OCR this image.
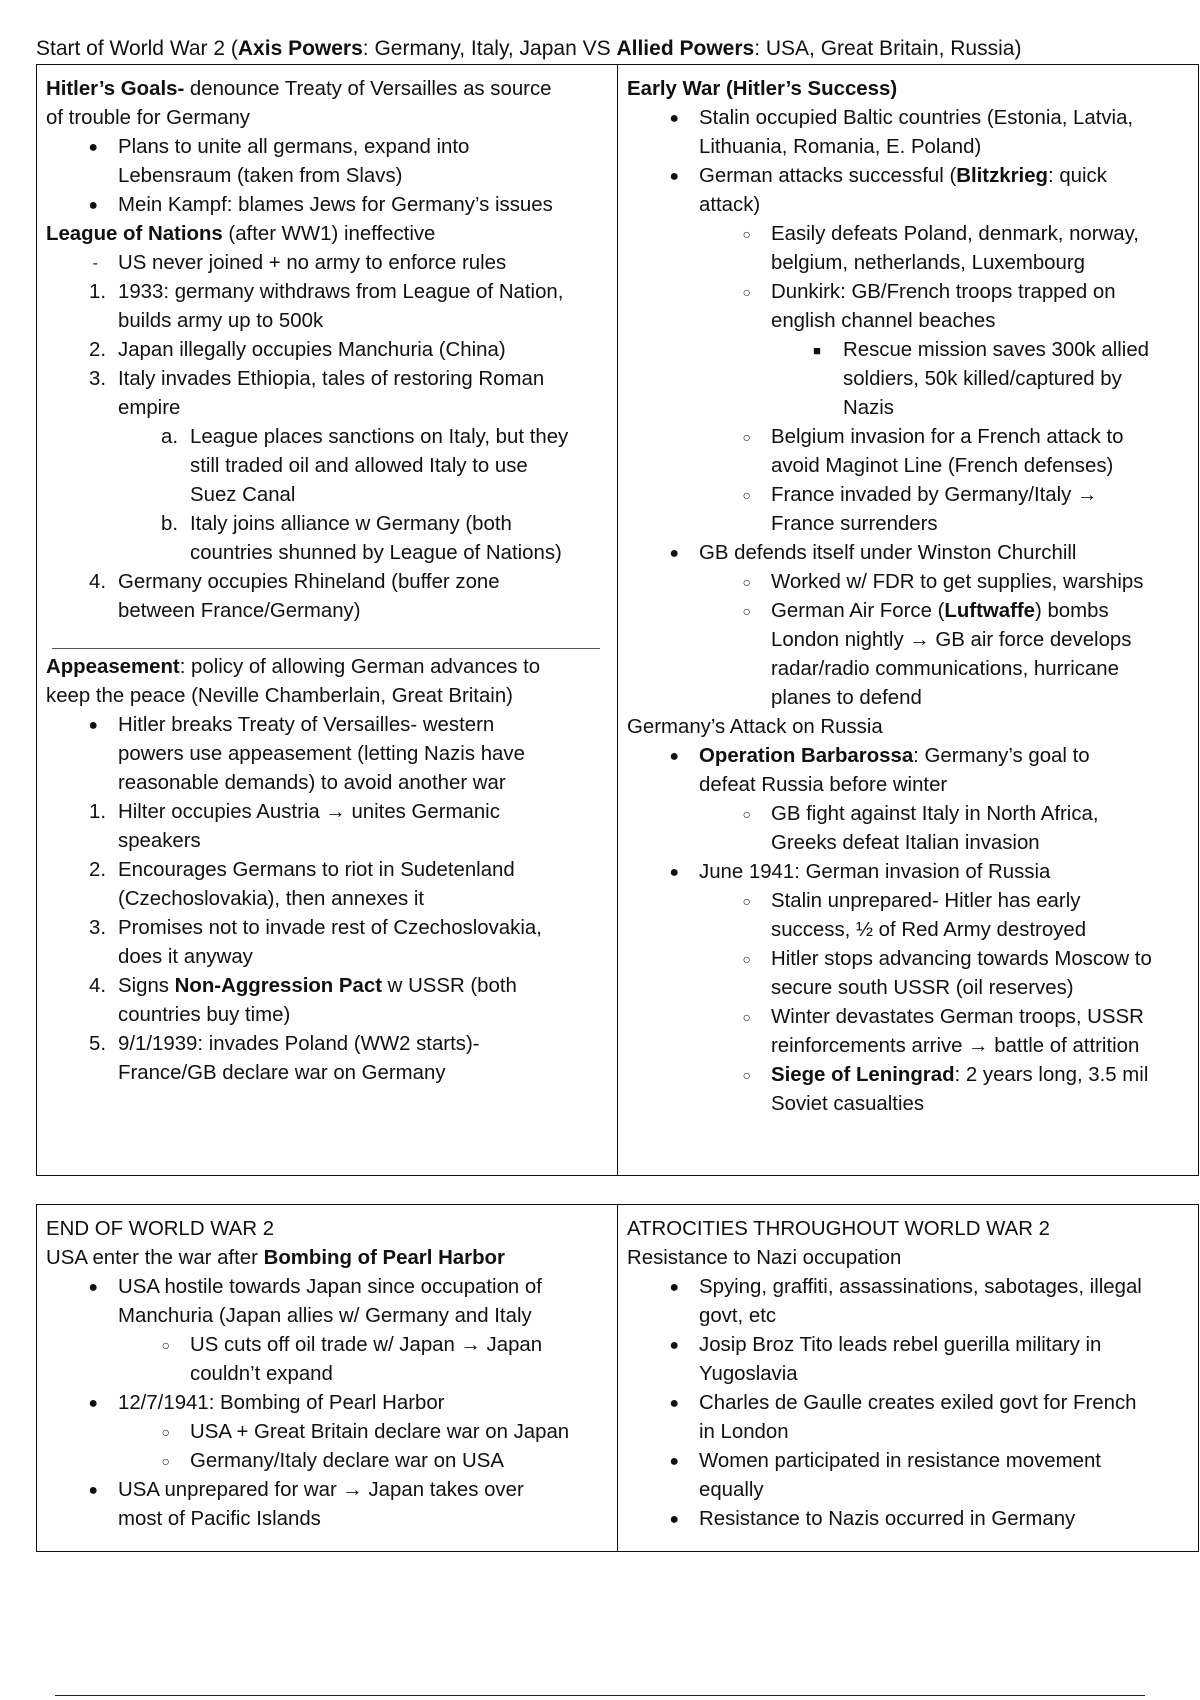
Start of World War 2 (Axis Powers: Germany, Italy, Japan VS Allied Powers: USA, Great Britain, Russia)
Hitler’s Goals- denounce Treaty of Versailles as source
of trouble for Germany
● Plans to unite all germans, expand into
Lebensraum (taken from Slavs)
● Mein Kampf: blames Jews for Germany’s issues
League of Nations (after WW1) ineffective
- US never joined + no army to enforce rules
1. 1933: germany withdraws from League of Nation,
builds army up to 500k
2. Japan illegally occupies Manchuria (China)
3. Italy invades Ethiopia, tales of restoring Roman
empire
a. League places sanctions on Italy, but they
still traded oil and allowed Italy to use
Suez Canal
b. Italy joins alliance w Germany (both
countries shunned by League of Nations)
4. Germany occupies Rhineland (buffer zone
between France/Germany)
Appeasement: policy of allowing German advances to
keep the peace (Neville Chamberlain, Great Britain)
● Hitler breaks Treaty of Versailles- western
powers use appeasement (letting Nazis have
reasonable demands) to avoid another war
1. Hilter occupies Austria → unites Germanic
speakers
2. Encourages Germans to riot in Sudetenland
(Czechoslovakia), then annexes it
3. Promises not to invade rest of Czechoslovakia,
does it anyway
4. Signs Non-Aggression Pact w USSR (both
countries buy time)
5. 9/1/1939: invades Poland (WW2 starts)-
France/GB declare war on Germany

Early War (Hitler’s Success)
● Stalin occupied Baltic countries (Estonia, Latvia,
Lithuania, Romania, E. Poland)
● German attacks successful (Blitzkrieg: quick
attack)
○ Easily defeats Poland, denmark, norway,
belgium, netherlands, Luxembourg
○ Dunkirk: GB/French troops trapped on
english channel beaches
■	Rescue mission saves 300k allied
soldiers, 50k killed/captured by
Nazis
○ Belgium invasion for a French attack to
avoid Maginot Line (French defenses)
○ France invaded by Germany/Italy →
France surrenders
● GB defends itself under Winston Churchill
○ Worked w/ FDR to get supplies, warships
○ German Air Force (Luftwaffe) bombs
London nightly → GB air force develops
radar/radio communications, hurricane
planes to defend
Germany’s Attack on Russia
● Operation Barbarossa: Germany’s goal to
defeat Russia before winter
○ GB fight against Italy in North Africa,
Greeks defeat Italian invasion
● June 1941: German invasion of Russia
○ Stalin unprepared- Hitler has early
success, ½ of Red Army destroyed
○ Hitler stops advancing towards Moscow to
secure south USSR (oil reserves)
○ Winter devastates German troops, USSR
reinforcements arrive → battle of attrition
○ Siege of Leningrad: 2 years long, 3.5 mil
Soviet casualties
END OF WORLD WAR 2
USA enter the war after Bombing of Pearl Harbor
● USA hostile towards Japan since occupation of
Manchuria (Japan allies w/ Germany and Italy
○ US cuts off oil trade w/ Japan → Japan
couldn’t expand
● 12/7/1941: Bombing of Pearl Harbor
○ USA + Great Britain declare war on Japan
○ Germany/Italy declare war on USA
● USA unprepared for war → Japan takes over
most of Pacific Islands

ATROCITIES THROUGHOUT WORLD WAR 2
Resistance to Nazi occupation
● Spying, graffiti, assassinations, sabotages, illegal
govt, etc
● Josip Broz Tito leads rebel guerilla military in
Yugoslavia
● Charles de Gaulle creates exiled govt for French
in London
● Women participated in resistance movement
equally
● Resistance to Nazis occurred in Germany
